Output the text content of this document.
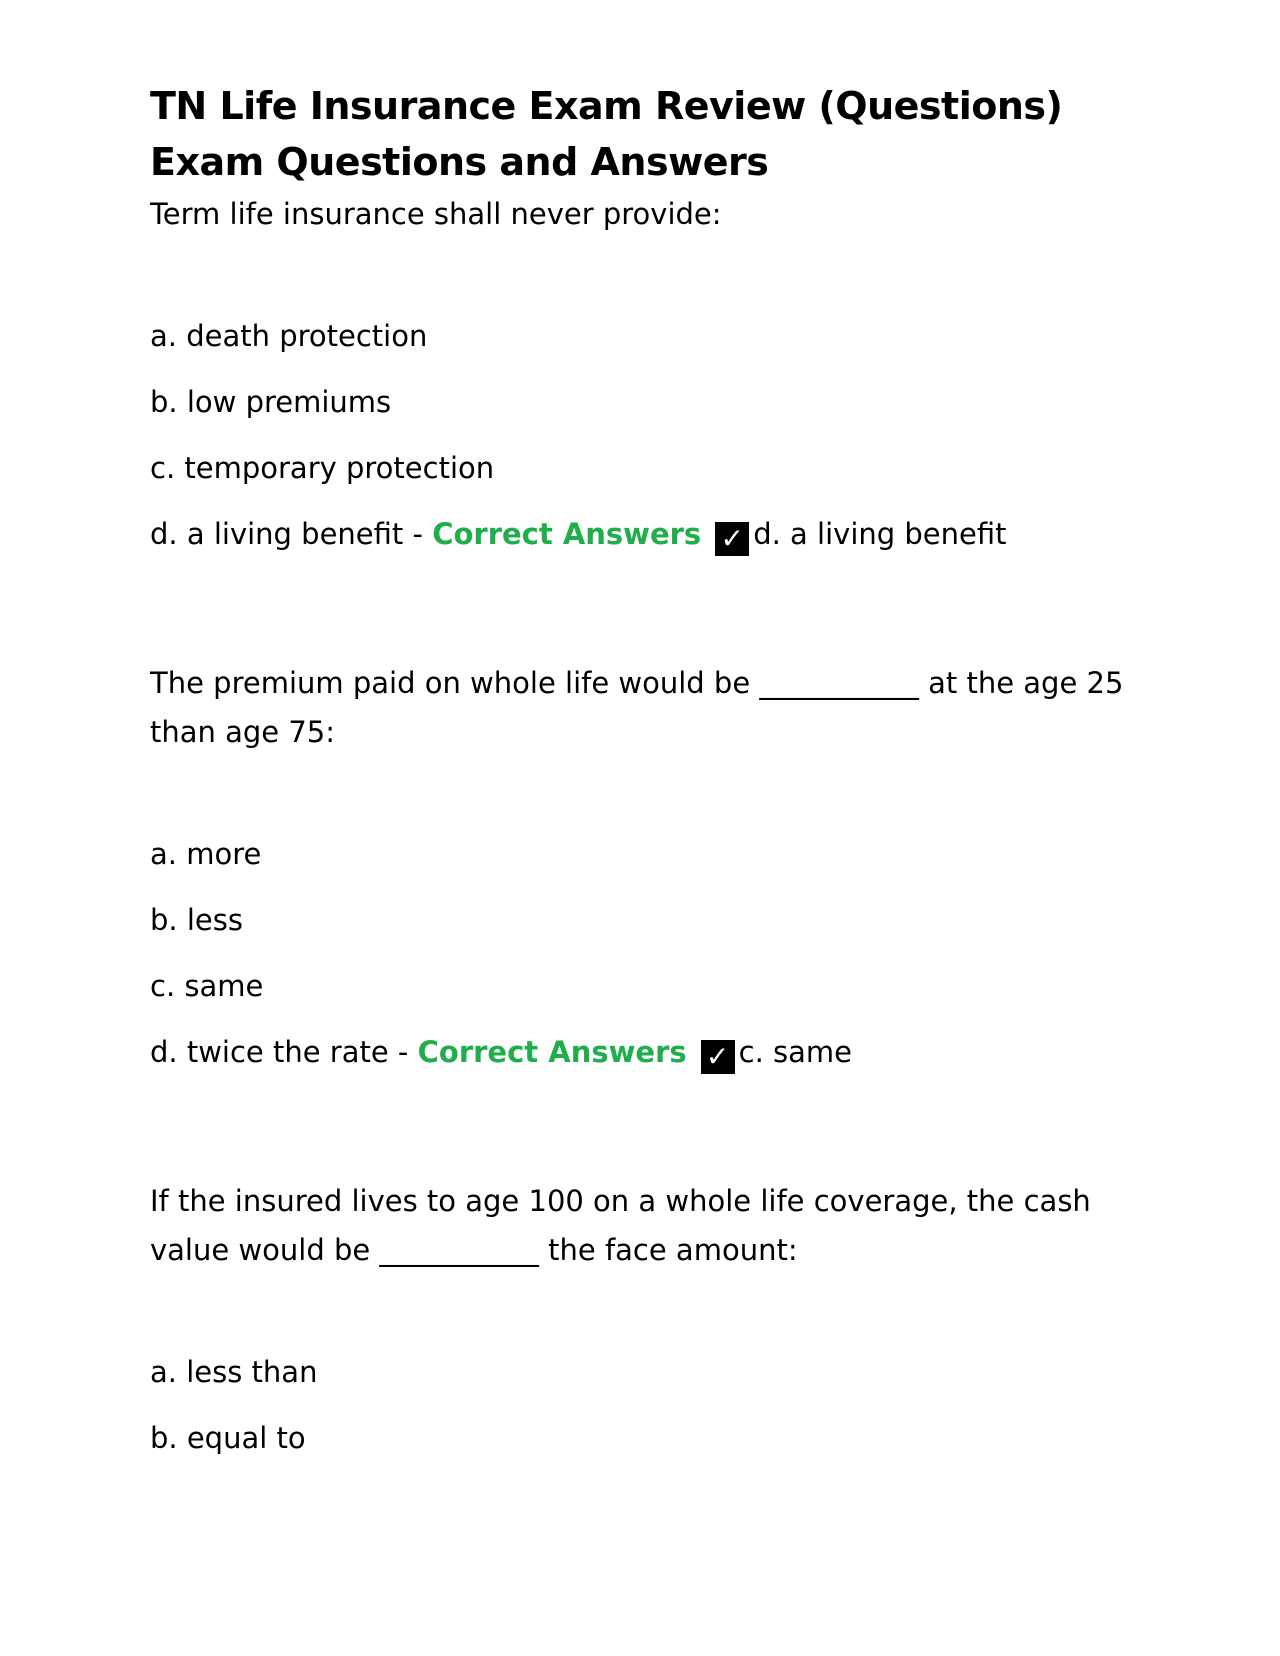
TN Life Insurance Exam Review (Questions)
Exam Questions and Answers

Term life insurance shall never provide:

a. death protection

b. low premiums

c. temporary protection

d. a living benefit - Correct Answers ✓ d. a living benefit

The premium paid on whole life would be ___________ at the age 25
than age 75:

a. more

b. less

c. same

d. twice the rate - Correct Answers ✓ c. same

If the insured lives to age 100 on a whole life coverage, the cash
value would be ___________ the face amount:

a. less than

b. equal to
